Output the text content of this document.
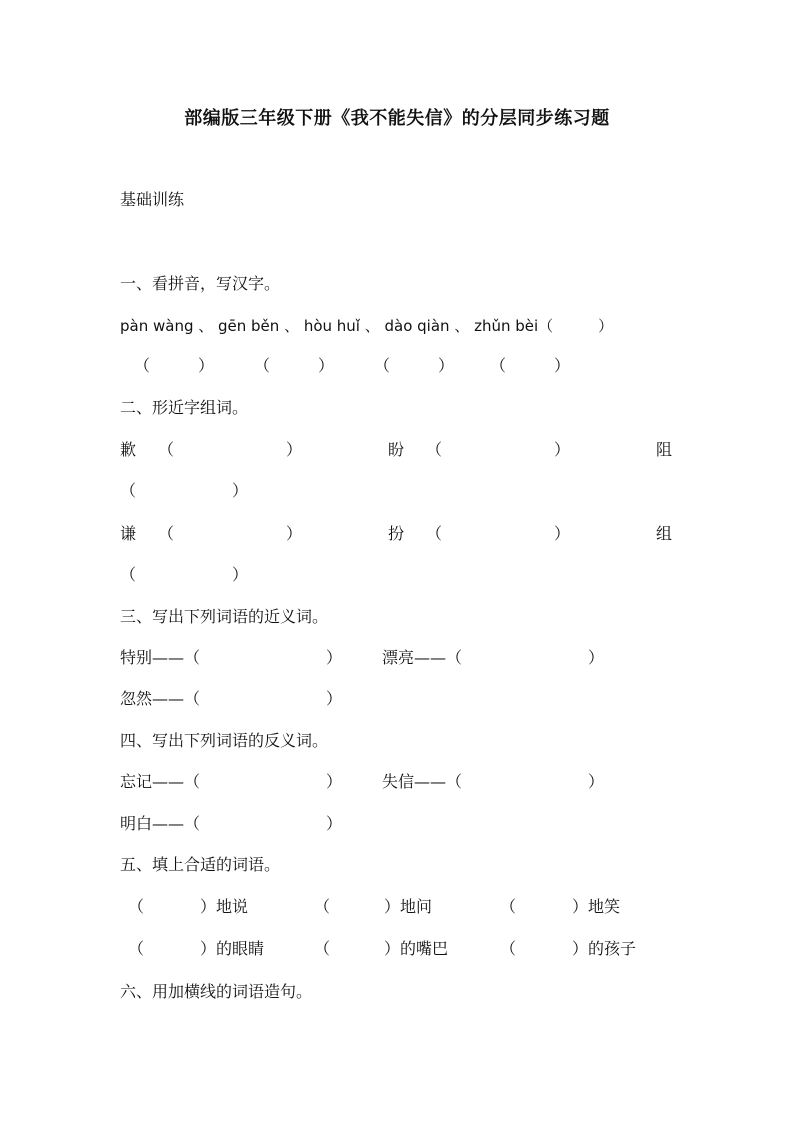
部编版三年级下册《我不能失信》的分层同步练习题
基础训练
一、看拼音，写汉字。
pàn wàng 、 gēn běn 、 hòu huǐ 、 dào qiàn 、 zhǔn bèi（　　　）
（　　　） （　　　） （　　　） （　　　）
二、形近字组词。
歉 （　　　　　　　）	盼 （　　　　　　　）	阻
（　　　　　　）
谦 （　　　　　　　）	扮 （　　　　　　　）	组
（　　　　　　）
三、写出下列词语的近义词。
特别——（	） 漂亮——（	）
忽然——（	）
四、写出下列词语的反义词。
忘记——（	） 失信——（	）
明白——（	）
五、填上合适的词语。
（	）地说	（	）地问	（	）地笑
（	）的眼睛	（	）的嘴巴	（	）的孩子
六、用加横线的词语造句。
